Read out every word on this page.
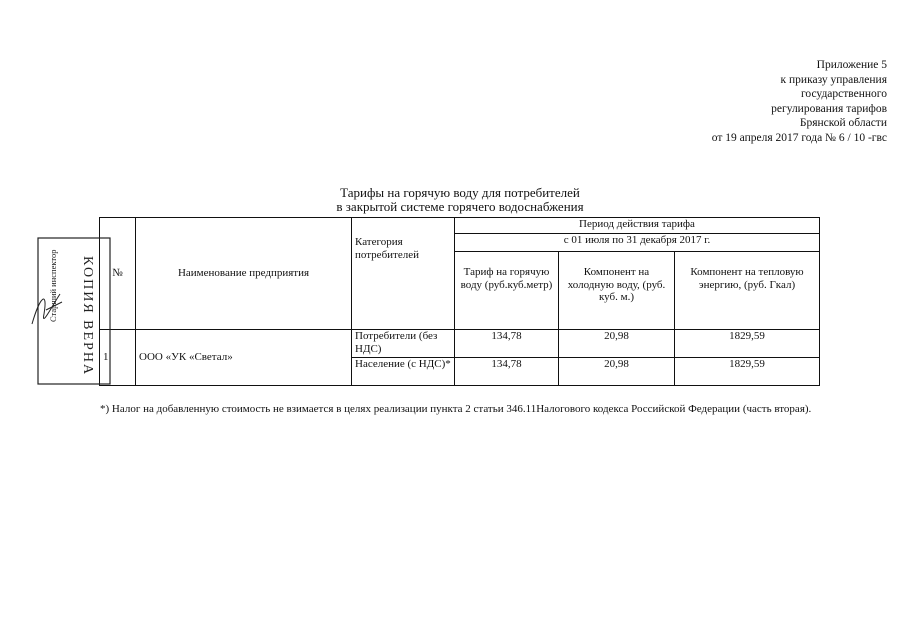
Приложение 5
к приказу управления
государственного
регулирования тарифов
Брянской области
от 19 апреля 2017 года № 6 / 10 -гвс
Тарифы на горячую воду для потребителей
в закрытой системе горячего водоснабжения
№	Наименование предприятия	Категория потребителей	Период действия тарифа		
			с 01 июля по 31 декабря 2017 г.		
			Тариф на горячую воду (руб.куб.метр)	Компонент на холодную воду, (руб. куб. м.)	Компонент на тепловую энергию, (руб. Гкал)
1	ООО «УК «Светал»	Потребители (без НДС)	134,78	20,98	1829,59
		Население (с НДС)*	134,78	20,98	1829,59
*) Налог на добавленную стоимость не взимается в целях реализации пункта 2 статьи 346.11Налогового кодекса Российской Федерации (часть вторая).
КОПИЯ ВЕРНА
Старший инспектор
